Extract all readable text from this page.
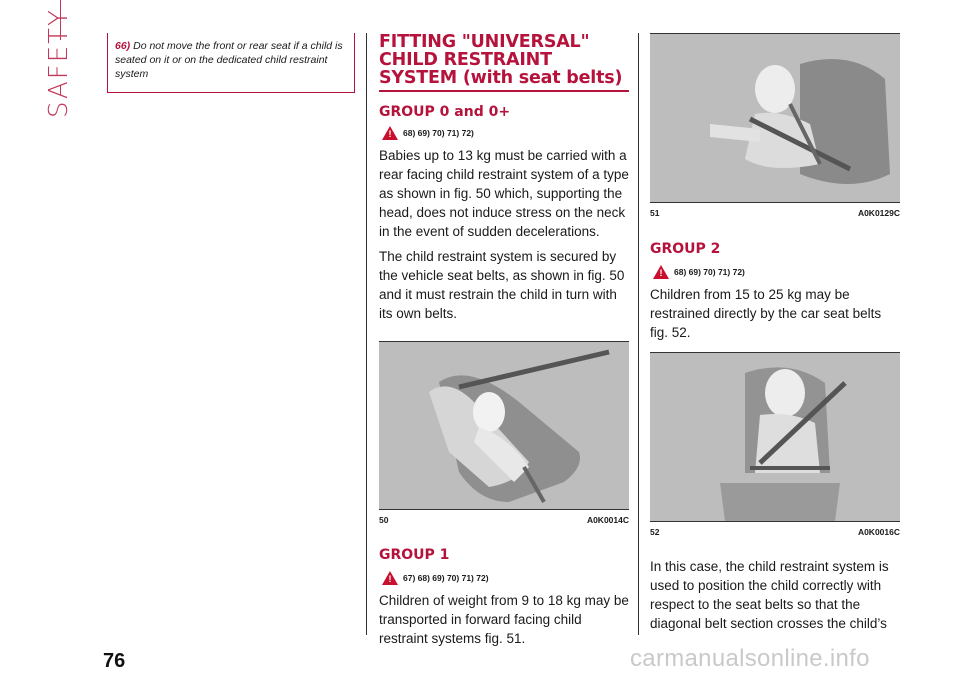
SAFETY	66) Do not move the front or rear seat if a child is seated on it or on the dedicated child restraint system
FITTING "UNIVERSAL" CHILD RESTRAINT SYSTEM (with seat belts)
GROUP 0 and 0+
!
68) 69) 70) 71) 72)

Babies up to 13 kg must be carried with a rear facing child restraint system of a type as shown in fig. 50 which, supporting the head, does not induce stress on the neck in the event of sudden decelerations.

The child restraint system is secured by the vehicle seat belts, as shown in fig. 50 and it must restrain the child in turn with its own belts.

50	A0K0014C
GROUP 1
!
67) 68) 69) 70) 71) 72)

Children of weight from 9 to 18 kg may be transported in forward facing child restraint systems fig. 51.

51	A0K0129C
GROUP 2
!
68) 69) 70) 71) 72)

Children from 15 to 25 kg may be restrained directly by the car seat belts fig. 52.

52	A0K0016C

In this case, the child restraint system is used to position the child correctly with respect to the seat belts so that the diagonal belt section crosses the child’s

76	carmanualsonline.info
